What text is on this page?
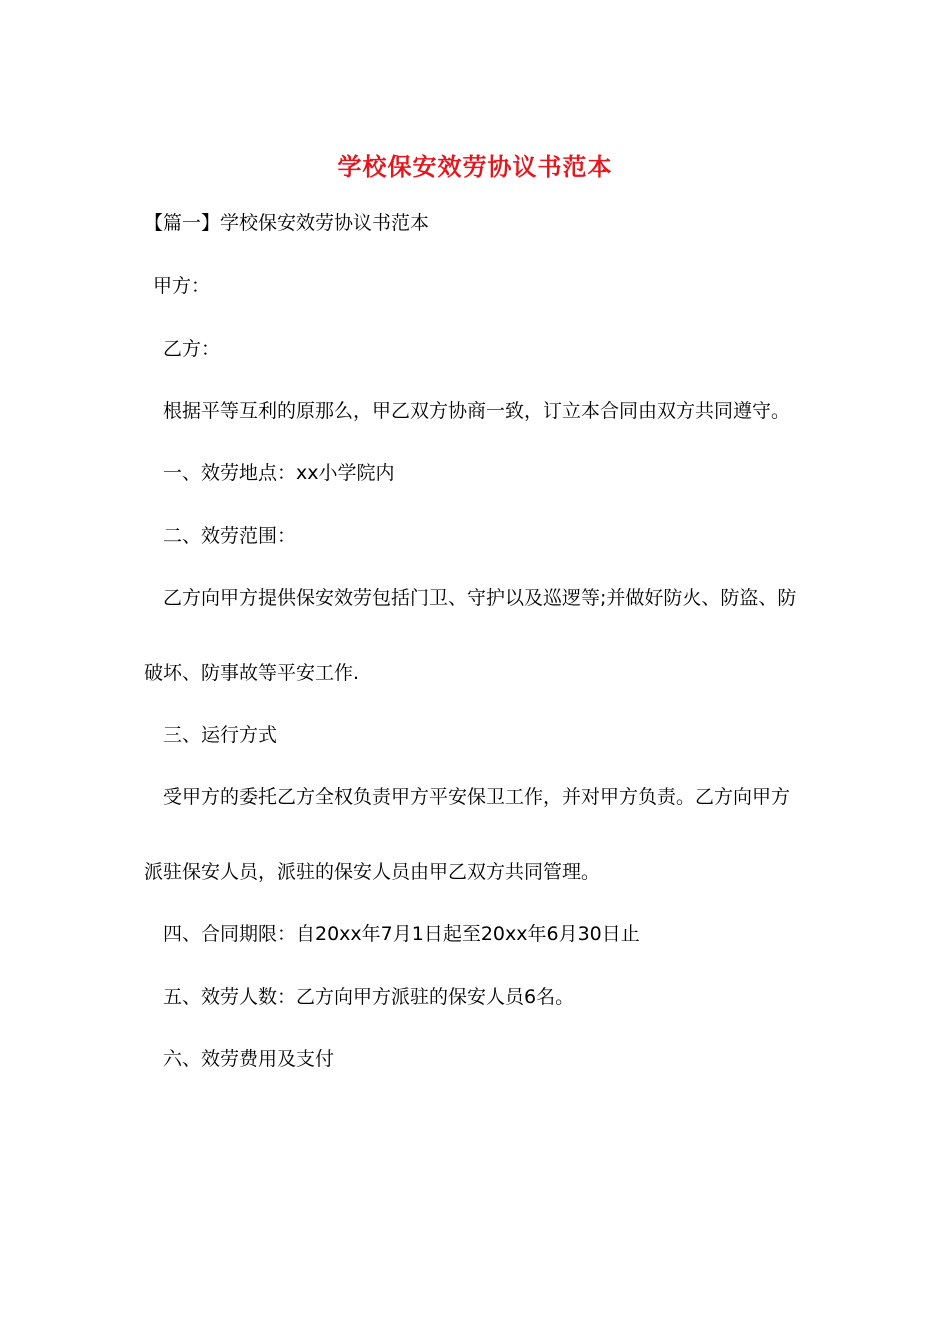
学校保安效劳协议书范本
【篇一】学校保安效劳协议书范本
甲方：
乙方：
根据平等互利的原那么，甲乙双方协商一致，订立本合同由双方共同遵守。
一、效劳地点：xx小学院内
二、效劳范围：
乙方向甲方提供保安效劳包括门卫、守护以及巡逻等;并做好防火、防盗、防
破坏、防事故等平安工作.
三、运行方式
受甲方的委托乙方全权负责甲方平安保卫工作，并对甲方负责。乙方向甲方
派驻保安人员，派驻的保安人员由甲乙双方共同管理。
四、合同期限：自20xx年7月1日起至20xx年6月30日止
五、效劳人数：乙方向甲方派驻的保安人员6名。
六、效劳费用及支付
